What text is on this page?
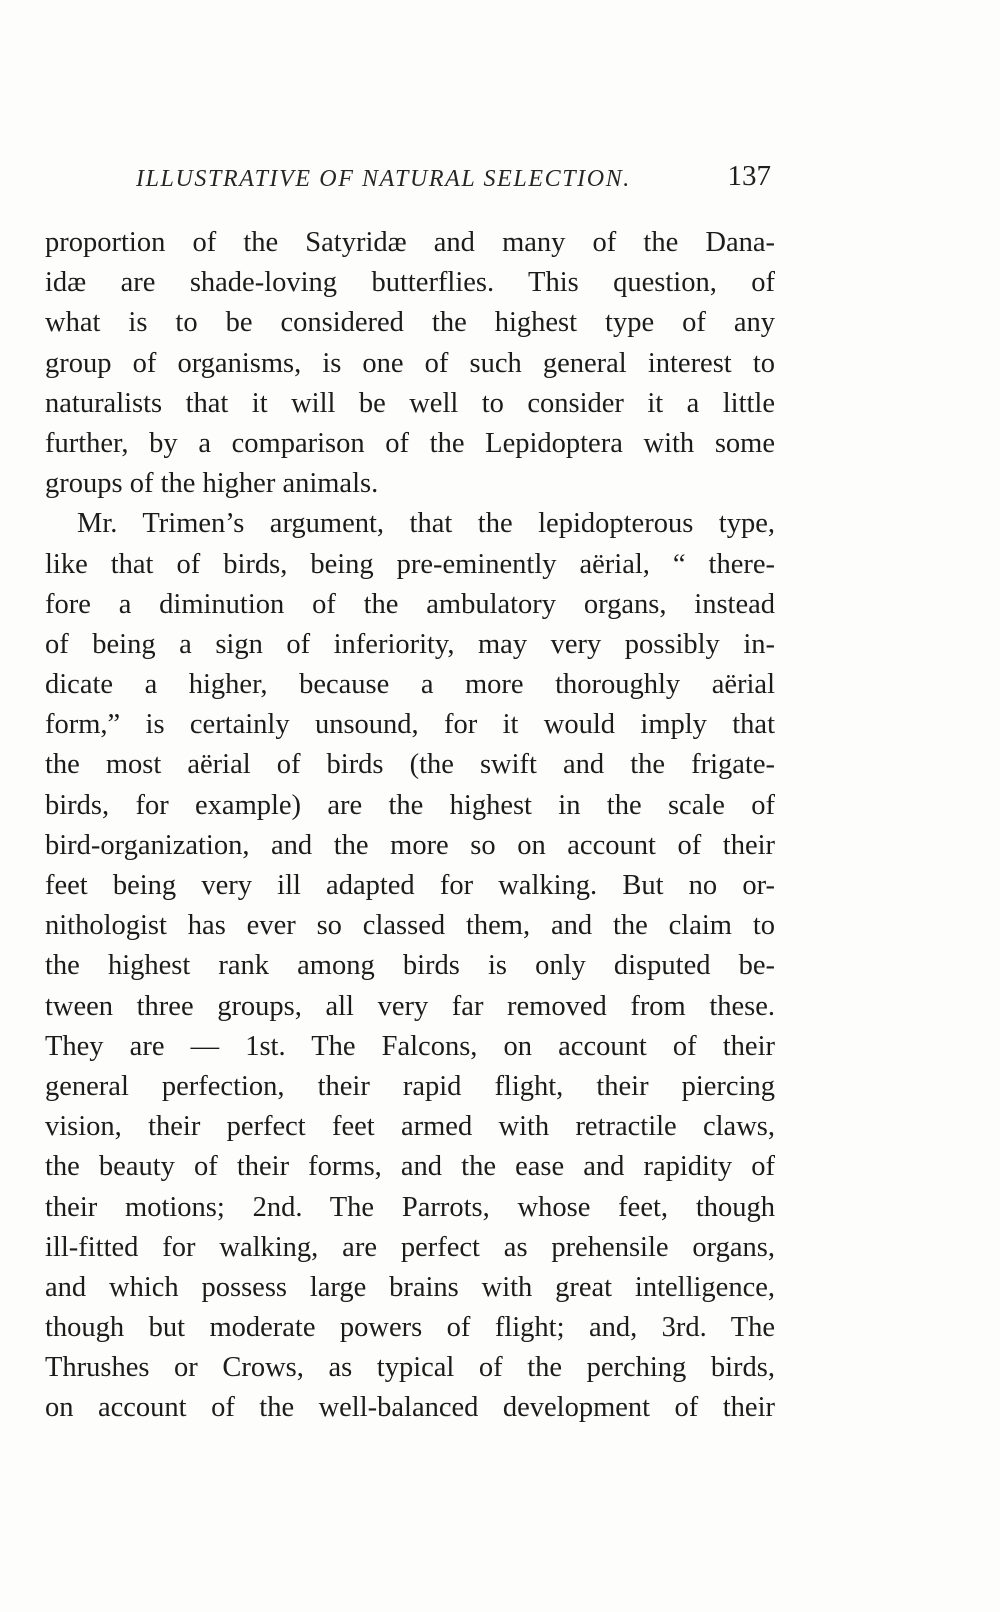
ILLUSTRATIVE OF NATURAL SELECTION.	137
proportion of the Satyridæ and many of the Dana-
idæ are shade-loving butterflies. This question, of
what is to be considered the highest type of any
group of organisms, is one of such general interest to
naturalists that it will be well to consider it a little
further, by a comparison of the Lepidoptera with some
groups of the higher animals.
Mr. Trimen’s argument, that the lepidopterous type,
like that of birds, being pre-eminently aërial, “ there-
fore a diminution of the ambulatory organs, instead
of being a sign of inferiority, may very possibly in-
dicate a higher, because a more thoroughly aërial
form,” is certainly unsound, for it would imply that
the most aërial of birds (the swift and the frigate-
birds, for example) are the highest in the scale of
bird-organization, and the more so on account of their
feet being very ill adapted for walking. But no or-
nithologist has ever so classed them, and the claim to
the highest rank among birds is only disputed be-
tween three groups, all very far removed from these.
They are — 1st. The Falcons, on account of their
general perfection, their rapid flight, their piercing
vision, their perfect feet armed with retractile claws,
the beauty of their forms, and the ease and rapidity of
their motions; 2nd. The Parrots, whose feet, though
ill-fitted for walking, are perfect as prehensile organs,
and which possess large brains with great intelligence,
though but moderate powers of flight; and, 3rd. The
Thrushes or Crows, as typical of the perching birds,
on account of the well-balanced development of their
